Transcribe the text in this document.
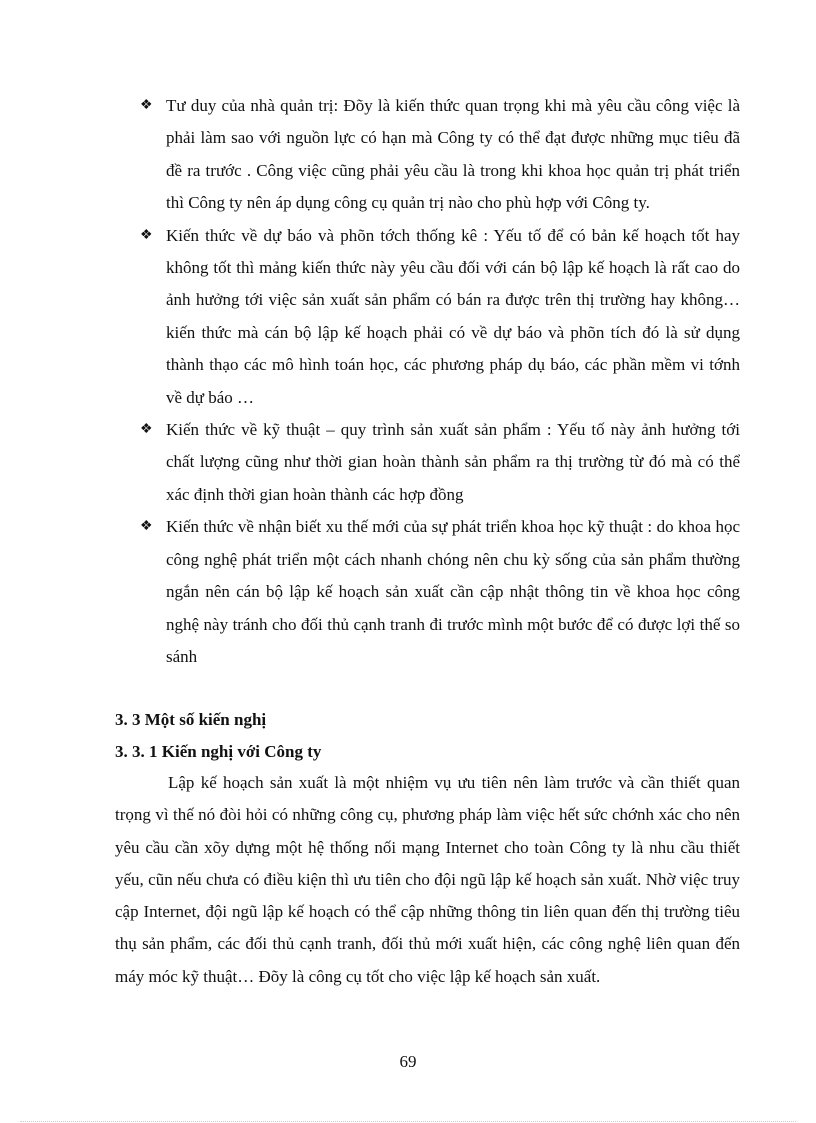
❖ Tư duy của nhà quản trị: Đõy là kiến thức quan trọng khi mà yêu cầu công việc là phải làm sao với nguồn lực có hạn mà Công ty có thể đạt được những mục tiêu đã đề ra trước . Công việc cũng phải yêu cầu là trong khi khoa học quản trị phát triển thì Công ty nên áp dụng công cụ quản trị nào cho phù hợp với Công ty.
❖ Kiến thức về dự báo và phõn tớch thống kê : Yếu tố để có bản kế hoạch tốt hay không tốt thì mảng kiến thức này yêu cầu đối với cán bộ lập kế hoạch là rất cao do ảnh hưởng tới việc sản xuất sản phẩm có bán ra được trên thị trường hay không…kiến thức mà cán bộ lập kế hoạch phải có về dự báo và phõn tích đó là sử dụng thành thạo các mô hình toán học, các phương pháp dụ báo, các phần mềm vi tớnh về dự báo …
❖ Kiến thức về kỹ thuật – quy trình sản xuất sản phẩm : Yếu tố này ảnh hưởng tới chất lượng cũng như thời gian hoàn thành sản phẩm ra thị trường từ đó mà có thể xác định thời gian hoàn thành các hợp đồng
❖ Kiến thức về nhận biết xu thế mới của sự phát triển khoa học kỹ thuật : do khoa học công nghệ phát triển một cách nhanh chóng nên chu kỳ sống của sản phẩm thường ngắn nên cán bộ lập kế hoạch sản xuất cần cập nhật thông tin về khoa học công nghệ này tránh cho đối thủ cạnh tranh đi trước mình một bước để có được lợi thế so sánh
3. 3 Một số kiến nghị
3. 3. 1 Kiến nghị với Công ty
Lập kế hoạch sản xuất là một nhiệm vụ ưu tiên nên làm trước và cần thiết quan trọng vì thế nó đòi hỏi có những công cụ, phương pháp làm việc hết sức chớnh xác cho nên yêu cầu cần xõy dựng một hệ thống nối mạng Internet cho toàn Công ty là nhu cầu thiết yếu, cũn nếu chưa có điều kiện thì ưu tiên cho đội ngũ lập kế hoạch sản xuất. Nhờ việc truy cập Internet, đội ngũ lập kế hoạch có thể cập những thông tin liên quan đến thị trường tiêu thụ sản phẩm, các đối thủ cạnh tranh, đối thủ mới xuất hiện, các công nghệ liên quan đến máy móc kỹ thuật… Đõy là công cụ tốt cho việc lập kế hoạch sản xuất.
69
